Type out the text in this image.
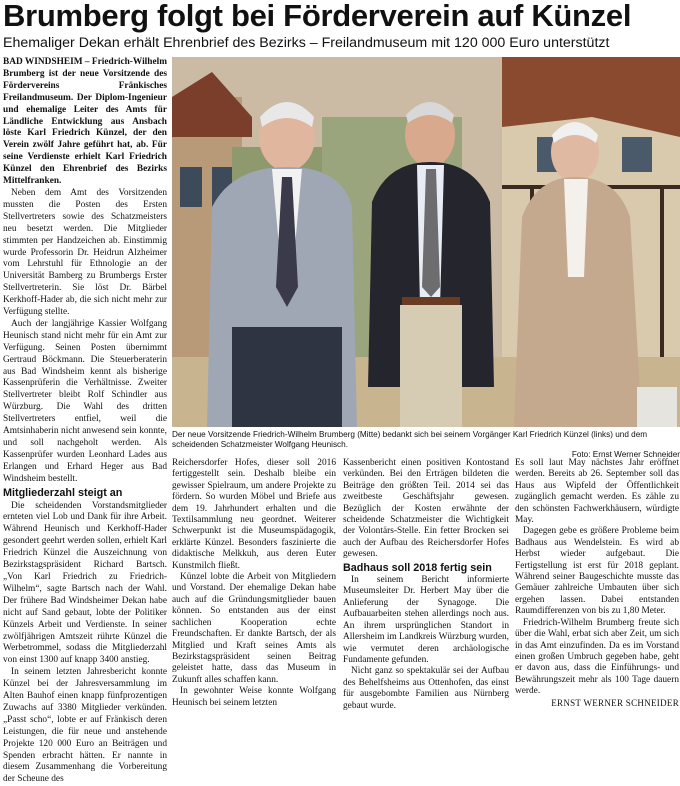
Brumberg folgt bei Förderverein auf Künzel
Ehemaliger Dekan erhält Ehrenbrief des Bezirks – Freilandmuseum mit 120 000 Euro unterstützt

BAD WINDSHEIM – Friedrich-Wilhelm Brumberg ist der neue Vorsitzende des Fördervereins Fränkisches Freilandmuseum. Der Diplom-Ingenieur und ehemalige Leiter des Amts für Ländliche Entwicklung aus Ansbach löste Karl Friedrich Künzel, der den Verein zwölf Jahre geführt hat, ab. Für seine Verdienste erhielt Karl Friedrich Künzel den Ehrenbrief des Bezirks Mittelfranken.

Neben dem Amt des Vorsitzenden mussten die Posten des Ersten Stellvertreters sowie des Schatzmeisters neu besetzt werden. Die Mitglieder stimmten per Handzeichen ab. Einstimmig wurde Professorin Dr. Heidrun Alzheimer vom Lehrstuhl für Ethnologie an der Universität Bamberg zu Brumbergs Erster Stellvertreterin. Sie löst Dr. Bärbel Kerkhoff-Hader ab, die sich nicht mehr zur Verfügung stellte.

Auch der langjährige Kassier Wolfgang Heunisch stand nicht mehr für ein Amt zur Verfügung. Seinen Posten übernimmt Gertraud Böckmann. Die Steuerberaterin aus Bad Windsheim kennt als bisherige Kassenprüferin die Verhältnisse. Zweiter Stellvertreter bleibt Rolf Schindler aus Würzburg. Die Wahl des dritten Stellvertreters entfiel, weil die Amtsinhaberin nicht anwesend sein konnte, und soll nachgeholt werden. Als Kassenprüfer wurden Leonhard Lades aus Erlangen und Erhard Heger aus Bad Windsheim bestellt.

Mitgliederzahl steigt an

Die scheidenden Vorstandsmitglieder ernteten viel Lob und Dank für ihre Arbeit. Während Heunisch und Kerkhoff-Hader gesondert geehrt werden sollen, erhielt Karl Friedrich Künzel die Auszeichnung von Bezirkstagspräsident Richard Bartsch. „Von Karl Friedrich zu Friedrich-Wilhelm“, sagte Bartsch nach der Wahl. Der frühere Bad Windsheimer Dekan habe nicht auf Sand gebaut, lobte der Politiker Künzels Arbeit und Verdienste. In seiner zwölfjährigen Amtszeit rührte Künzel die Werbetrommel, sodass die Mitgliederzahl von einst 1300 auf knapp 3400 anstieg.

In seinem letzten Jahresbericht konnte Künzel bei der Jahresversammlung im Alten Bauhof einen knapp fünfprozentigen Zuwachs auf 3380 Mitglieder verkünden. „Passt scho“, lobte er auf Fränkisch deren Leistungen, die für neue und anstehende Projekte 120 000 Euro an Beiträgen und Spenden erbracht hätten. Er nannte in diesem Zusammenhang die Vorbereitung der Scheune des

Der neue Vorsitzende Friedrich-Wilhelm Brumberg (Mitte) bedankt sich bei seinem Vorgänger Karl Friedrich Künzel (links) und dem scheidenden Schatzmeister Wolfgang Heunisch.
Foto: Ernst Werner Schneider

Reichersdorfer Hofes, dieser soll 2016 fertiggestellt sein. Deshalb bleibe ein gewisser Spielraum, um andere Projekte zu fördern. So wurden Möbel und Briefe aus dem 19. Jahrhundert erhalten und die Textilsammlung neu geordnet. Weiterer Schwerpunkt ist die Museumspädagogik, erklärte Künzel. Besonders faszinierte die didaktische Melkkuh, aus deren Euter Kunstmilch fließt.

Künzel lobte die Arbeit von Mitgliedern und Vorstand. Der ehemalige Dekan habe auch auf die Gründungsmitglieder bauen können. So entstanden aus der einst sachlichen Kooperation echte Freundschaften. Er dankte Bartsch, der als Mitglied und Kraft seines Amts als Bezirkstagspräsident seinen Beitrag geleistet hatte, dass das Museum in Zukunft alles schaffen kann.

In gewohnter Weise konnte Wolfgang Heunisch bei seinem letzten

Kassenbericht einen positiven Kontostand verkünden. Bei den Erträgen bildeten die Beiträge den größten Teil. 2014 sei das zweitbeste Geschäftsjahr gewesen. Bezüglich der Kosten erwähnte der scheidende Schatzmeister die Wichtigkeit der Volontärs-Stelle. Ein fetter Brocken sei auch der Aufbau des Reichersdorfer Hofes gewesen.

Badhaus soll 2018 fertig sein

In seinem Bericht informierte Museumsleiter Dr. Herbert May über die Anlieferung der Synagoge. Die Aufbauarbeiten stehen allerdings noch aus. An ihrem ursprünglichen Standort in Allersheim im Landkreis Würzburg wurden, wie vermutet deren archäologische Fundamente gefunden.

Nicht ganz so spektakulär sei der Aufbau des Behelfsheims aus Ottenhofen, das einst für ausgebombte Familien aus Nürnberg gebaut wurde.

Es soll laut May nächstes Jahr eröffnet werden. Bereits ab 26. September soll das Haus aus Wipfeld der Öffentlichkeit zugänglich gemacht werden. Es zähle zu den schönsten Fachwerkhäusern, würdigte May.

Dagegen gebe es größere Probleme beim Badhaus aus Wendelstein. Es wird ab Herbst wieder aufgebaut. Die Fertigstellung ist erst für 2018 geplant. Während seiner Baugeschichte musste das Gemäuer zahlreiche Umbauten über sich ergehen lassen. Dabei entstanden Raumdifferenzen von bis zu 1,80 Meter.

Friedrich-Wilhelm Brumberg freute sich über die Wahl, erbat sich aber Zeit, um sich in das Amt einzufinden. Da es im Vorstand einen großen Umbruch gegeben habe, geht er davon aus, dass die Einführungs- und Bewährungszeit mehr als 100 Tage dauern werde.

ERNST WERNER SCHNEIDER
